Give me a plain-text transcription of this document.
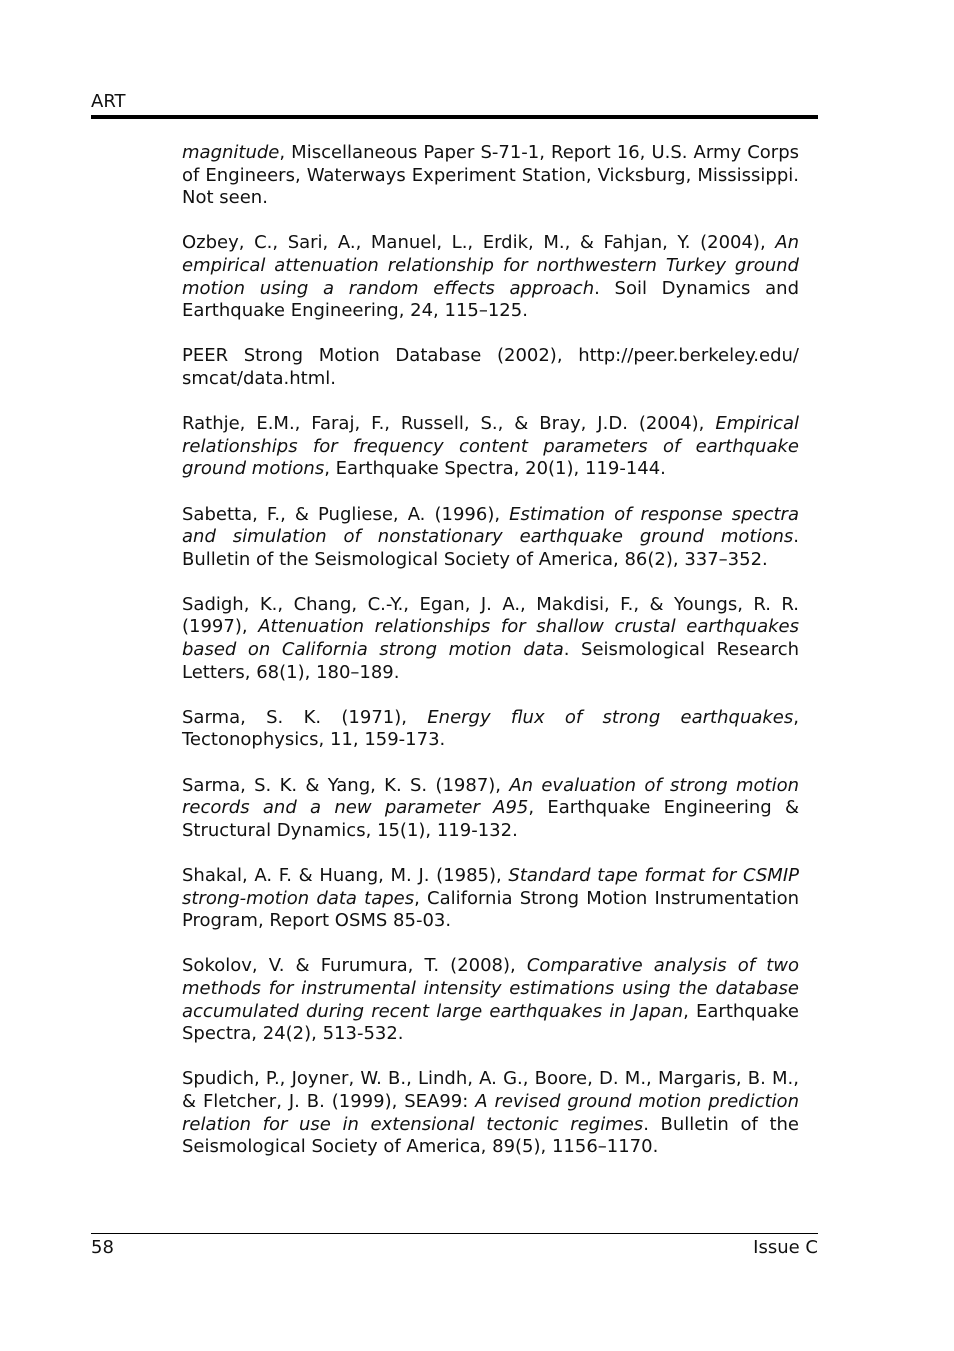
ART

magnitude, Miscellaneous Paper S-71-1, Report 16, U.S. Army Corps of Engineers, Waterways Experiment Station, Vicksburg, Mississippi. Not seen.

Ozbey, C., Sari, A., Manuel, L., Erdik, M., & Fahjan, Y. (2004), An empirical attenuation relationship for northwestern Turkey ground motion using a random effects approach. Soil Dynamics and Earthquake Engineering, 24, 115–125.

PEER Strong Motion Database (2002), http://peer.berkeley.edu/ smcat/data.html.

Rathje, E.M., Faraj, F., Russell, S., & Bray, J.D. (2004), Empirical relationships for frequency content parameters of earthquake ground motions, Earthquake Spectra, 20(1), 119-144.

Sabetta, F., & Pugliese, A. (1996), Estimation of response spectra and simulation of nonstationary earthquake ground motions. Bulletin of the Seismological Society of America, 86(2), 337–352.

Sadigh, K., Chang, C.-Y., Egan, J. A., Makdisi, F., & Youngs, R. R. (1997), Attenuation relationships for shallow crustal earthquakes based on California strong motion data. Seismological Research Letters, 68(1), 180–189.

Sarma, S. K. (1971), Energy flux of strong earthquakes, Tectonophysics, 11, 159-173.

Sarma, S. K. & Yang, K. S. (1987), An evaluation of strong motion records and a new parameter A95, Earthquake Engineering & Structural Dynamics, 15(1), 119-132.

Shakal, A. F. & Huang, M. J. (1985), Standard tape format for CSMIP strong-motion data tapes, California Strong Motion Instrumentation Program, Report OSMS 85-03.

Sokolov, V. & Furumura, T. (2008), Comparative analysis of two methods for instrumental intensity estimations using the database accumulated during recent large earthquakes in Japan, Earthquake Spectra, 24(2), 513-532.

Spudich, P., Joyner, W. B., Lindh, A. G., Boore, D. M., Margaris, B. M., & Fletcher, J. B. (1999), SEA99: A revised ground motion prediction relation for use in extensional tectonic regimes. Bulletin of the Seismological Society of America, 89(5), 1156–1170.

58	Issue C
